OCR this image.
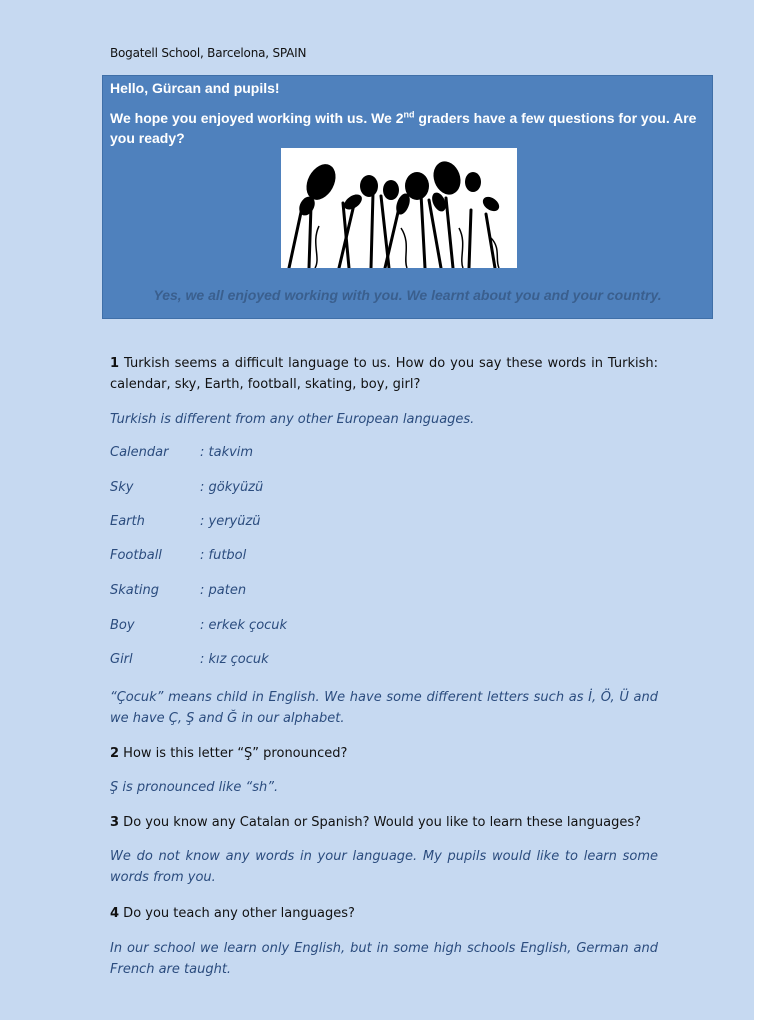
Bogatell School, Barcelona, SPAIN
Hello, Gürcan and pupils!
We hope you enjoyed working with us. We 2nd graders have a few questions for you. Are you ready?
Yes, we all enjoyed working with you. We learnt about you and your country.
1 Turkish seems a difficult language to us. How do you say these words in Turkish: calendar, sky, Earth, football, skating, boy, girl?
Turkish is different from any other European languages.
Calendar : takvim
Sky	: gökyüzü
Earth	: yeryüzü
Football	: futbol
Skating	: paten
Boy	: erkek çocuk
Girl	: kız çocuk
“Çocuk” means child in English. We have some different letters such as İ, Ö, Ü and we have Ç, Ş and Ğ in our alphabet.
2 How is this letter “Ş” pronounced?
Ş is pronounced like “sh”.
3 Do you know any Catalan or Spanish? Would you like to learn these languages?
We do not know any words in your language. My pupils would like to learn some words from you.
4 Do you teach any other languages?
In our school we learn only English, but in some high schools English, German and French are taught.
